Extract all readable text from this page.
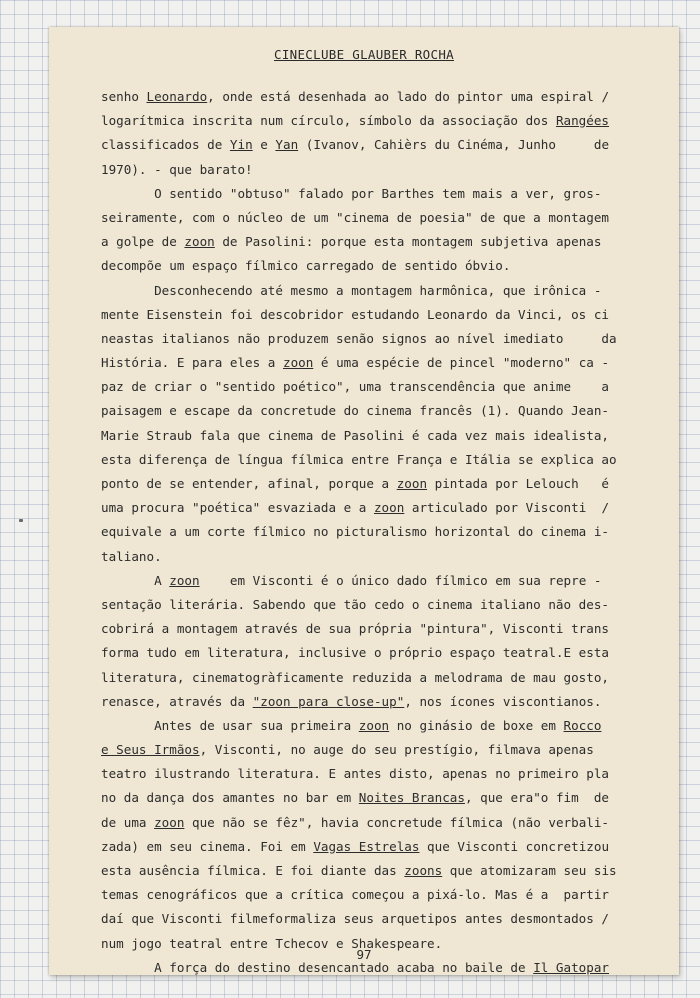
CINECLUBE GLAUBER ROCHA
senho Leonardo, onde está desenhada ao lado do pintor uma espiral /
logarítmica inscrita num círculo, símbolo da associação dos Rangées
classificados de Yin e Yan (Ivanov, Cahièrs du Cinéma, Junho     de
1970). - que barato!
O sentido "obtuso" falado por Barthes tem mais a ver, gros-
seiramente, com o núcleo de um "cinema de poesia" de que a montagem
a golpe de zoon de Pasolini: porque esta montagem subjetiva apenas
decompõe um espaço fílmico carregado de sentido óbvio.
Desconhecendo até mesmo a montagem harmônica, que irônica -
mente Eisenstein foi descobridor estudando Leonardo da Vinci, os ci
neastas italianos não produzem senão signos ao nível imediato     da
História. E para eles a zoon é uma espécie de pincel "moderno" ca -
paz de criar o "sentido poético", uma transcendência que anime    a
paisagem e escape da concretude do cinema francês (1). Quando Jean-
Marie Straub fala que cinema de Pasolini é cada vez mais idealista,
esta diferença de língua fílmica entre França e Itália se explica ao
ponto de se entender, afinal, porque a zoon pintada por Lelouch   é
uma procura "poética" esvaziada e a zoon articulado por Visconti  /
equivale a um corte fílmico no picturalismo horizontal do cinema i-
taliano.
A zoon    em Visconti é o único dado fílmico em sua repre -
sentação literária. Sabendo que tão cedo o cinema italiano não des-
cobrirá a montagem através de sua própria "pintura", Visconti trans
forma tudo em literatura, inclusive o próprio espaço teatral.E esta
literatura, cinematogràficamente reduzida a melodrama de mau gosto,
renasce, através da "zoon para close-up", nos ícones viscontianos.
Antes de usar sua primeira zoon no ginásio de boxe em Rocco
e Seus Irmãos, Visconti, no auge do seu prestígio, filmava apenas
teatro ilustrando literatura. E antes disto, apenas no primeiro pla
no da dança dos amantes no bar em Noites Brancas, que era"o fim  de
de uma zoon que não se fêz", havia concretude fílmica (não verbali-
zada) em seu cinema. Foi em Vagas Estrelas que Visconti concretizou
esta ausência fílmica. E foi diante das zoons que atomizaram seu sis
temas cenográficos que a crítica começou a pixá-lo. Mas é a  partir
daí que Visconti filmeformaliza seus arquetipos antes desmontados /
num jogo teatral entre Tchecov e Shakespeare.
A força do destino desencantado acaba no baile de Il Gatopar
97
